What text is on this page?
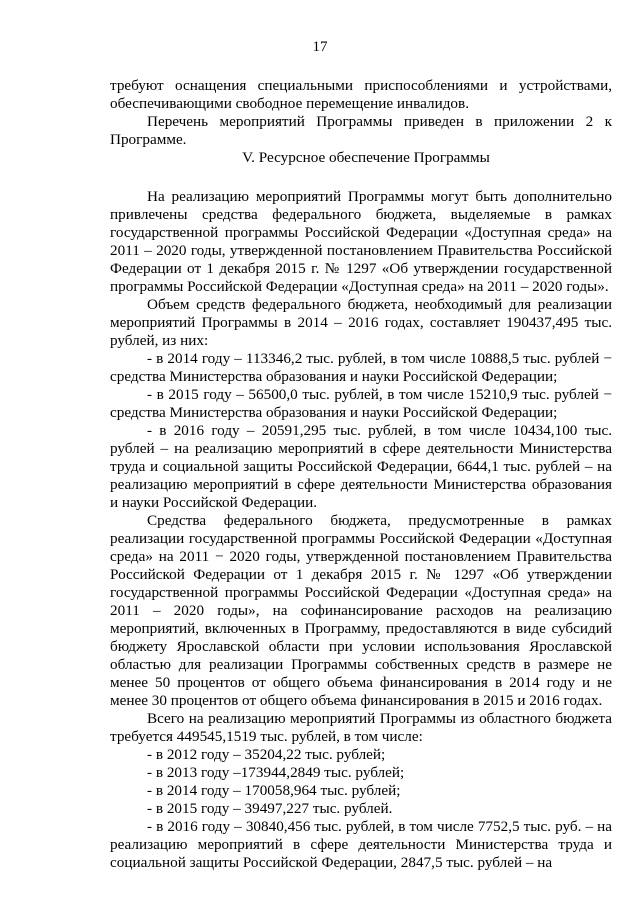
17

требуют оснащения специальными приспособлениями и устройствами, обеспечивающими свободное перемещение инвалидов.

Перечень мероприятий Программы приведен в приложении 2 к Программе.

V. Ресурсное обеспечение Программы

На реализацию мероприятий Программы могут быть дополнительно привлечены средства федерального бюджета, выделяемые в рамках государственной программы Российской Федерации «Доступная среда» на 2011 – 2020 годы, утвержденной постановлением Правительства Российской Федерации от 1 декабря 2015 г. № 1297 «Об утверждении государственной программы Российской Федерации «Доступная среда» на 2011 – 2020 годы».

Объем средств федерального бюджета, необходимый для реализации мероприятий Программы в 2014 – 2016 годах, составляет 190437,495 тыс. рублей, из них:

- в 2014 году – 113346,2 тыс. рублей, в том числе 10888,5 тыс. рублей − средства Министерства образования и науки Российской Федерации;

- в 2015 году – 56500,0 тыс. рублей, в том числе 15210,9 тыс. рублей − средства Министерства образования и науки Российской Федерации;

- в 2016 году – 20591,295 тыс. рублей, в том числе 10434,100 тыс. рублей – на реализацию мероприятий в сфере деятельности Министерства труда и социальной защиты Российской Федерации, 6644,1 тыс. рублей – на реализацию мероприятий в сфере деятельности Министерства образования и науки Российской Федерации.

Средства федерального бюджета, предусмотренные в рамках реализации государственной программы Российской Федерации «Доступная среда» на 2011 − 2020 годы, утвержденной постановлением Правительства Российской Федерации от 1 декабря 2015 г. № 1297 «Об утверждении государственной программы Российской Федерации «Доступная среда» на 2011 – 2020 годы», на софинансирование расходов на реализацию мероприятий, включенных в Программу, предоставляются в виде субсидий бюджету Ярославской области при условии использования Ярославской областью для реализации Программы собственных средств в размере не менее 50 процентов от общего объема финансирования в 2014 году и не менее 30 процентов от общего объема финансирования в 2015 и 2016 годах.

Всего на реализацию мероприятий Программы из областного бюджета требуется 449545,1519 тыс. рублей, в том числе:

- в 2012 году – 35204,22 тыс. рублей;

- в 2013 году –173944,2849 тыс. рублей;

- в 2014 году – 170058,964 тыс. рублей;

- в 2015 году – 39497,227 тыс. рублей.

- в 2016 году – 30840,456 тыс. рублей, в том числе 7752,5 тыс. руб. – на реализацию мероприятий в сфере деятельности Министерства труда и социальной защиты Российской Федерации, 2847,5 тыс. рублей – на
